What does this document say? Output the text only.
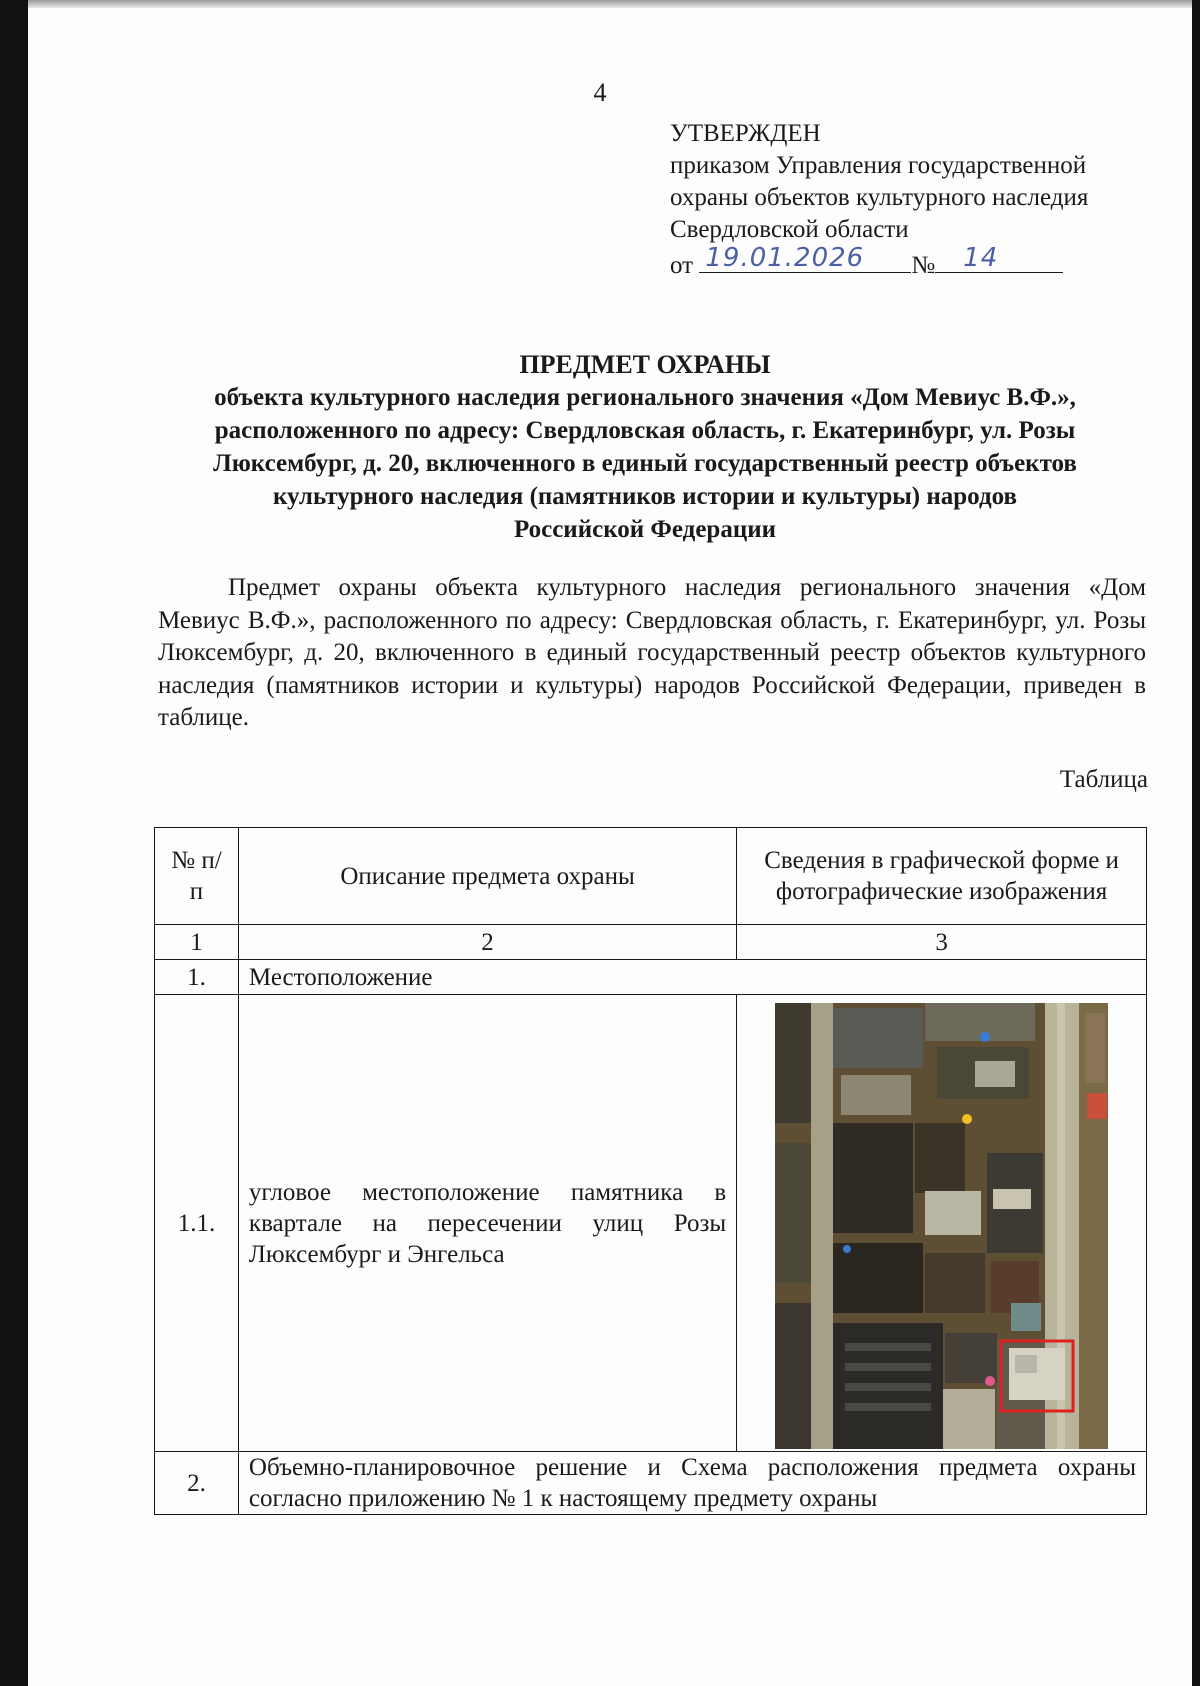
4
УТВЕРЖДЕН
приказом Управления государственной
охраны объектов культурного наследия
Свердловской области
от 19.01.2026 № 14
ПРЕДМЕТ ОХРАНЫ
объекта культурного наследия регионального значения «Дом Мевиус В.Ф.»,
расположенного по адресу: Свердловская область, г. Екатеринбург, ул. Розы
Люксембург, д. 20, включенного в единый государственный реестр объектов
культурного наследия (памятников истории и культуры) народов
Российской Федерации
Предмет охраны объекта культурного наследия регионального значения «Дом Мевиус В.Ф.», расположенного по адресу: Свердловская область, г. Екатеринбург, ул. Розы Люксембург, д. 20, включенного в единый государственный реестр объектов культурного наследия (памятников истории и культуры) народов Российской Федерации, приведен в таблице.
Таблица
№ п/п	Описание предмета охраны	Сведения в графической форме и фотографические изображения
1	2	3
1.	Местоположение	
1.1.	угловое местоположение памятника в квартале на пересечении улиц Розы Люксембург и Энгельса	

2.	Объемно-планировочное решение и Схема расположения предмета охраны согласно приложению № 1 к настоящему предмету охраны	
